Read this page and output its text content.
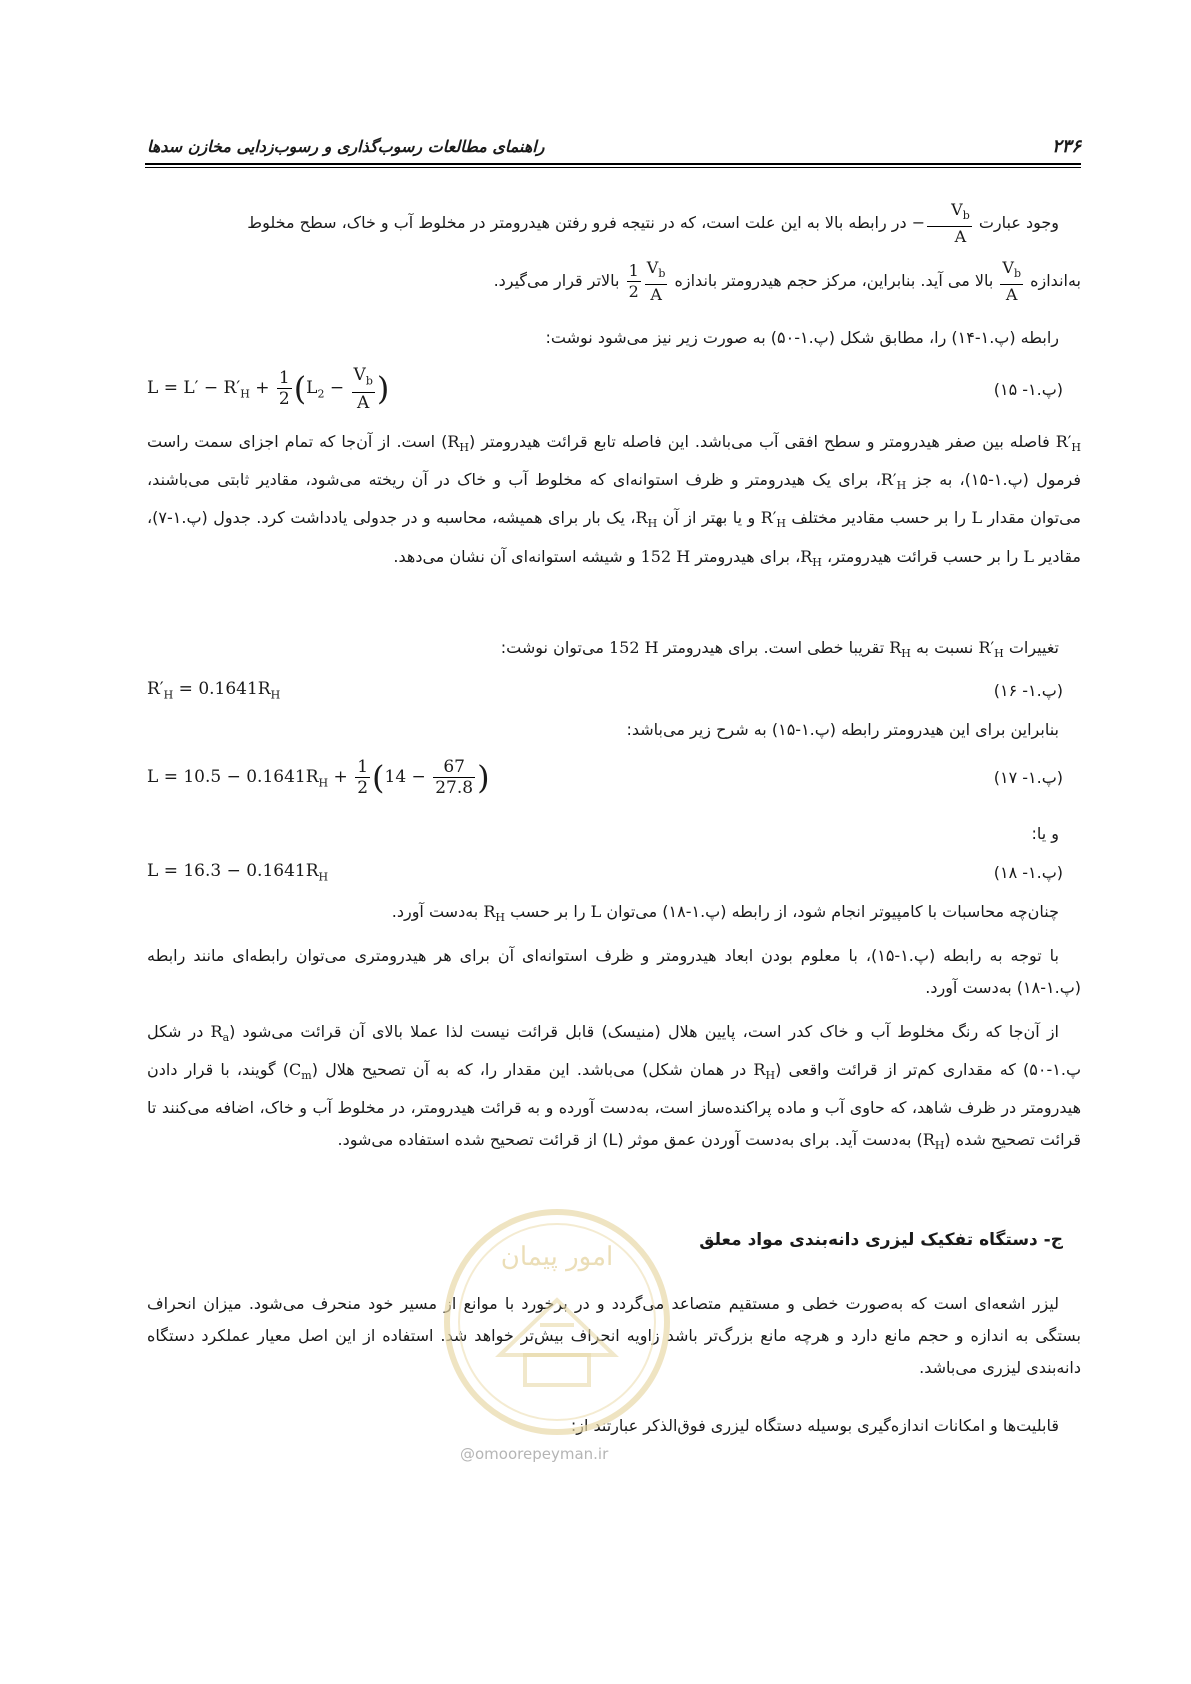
۲۳۶
راهنمای مطالعات رسوب‌گذاری و رسوب‌زدایی مخازن سدها

وجود عبارت − $\frac{V_b}{A}$
در رابطه بالا به این علت است، که در نتیجه فرو رفتن هیدرومتر در مخلوط آب و خاک، سطح مخلوط

به‌اندازه
$\frac{V_b}{A}$
بالا می آید. بنابراین، مرکز حجم هیدرومتر باندازه
$\frac{1}{2} \frac{V_b}{A}$
بالاتر قرار می‌گیرد.

رابطه (پ.۱-۱۴) را، مطابق شکل (پ.۱-۵۰) به صورت زیر نیز می‌شود نوشت:

$L = L' - R'_H + \frac{1}{2} (L_2 - \frac{V_b}{A}$ )	(پ.۱- ۱۵)

$R'_H$ فاصله بین صفر هیدرومتر و سطح افقی آب می‌باشد. این فاصله تابع قرائت هیدرومتر $(R_H)$ است. از آن‌جا که تمام اجزای سمت راست فرمول (پ.۱-۱۵)، به جز $R'_H،$ برای یک هیدرومتر و ظرف استوانه‌ای که مخلوط آب و خاک در آن ریخته می‌شود، مقادیر ثابتی می‌باشند، می‌توان مقدار L را بر حسب مقادیر مختلف $R'_H$ و یا بهتر از آن $R_H،$ یک بار برای همیشه، محاسبه و در جدولی یادداشت کرد. جدول (پ.۱-۷)، مقادیر L را بر حسب قرائت هیدرومتر، $R_H،$ برای هیدرومتر 152 H و شیشه استوانه‌ای آن نشان می‌دهد.

تغییرات $R'_H$ نسبت به $R_H$ تقریبا خطی است. برای هیدرومتر 152 H می‌توان نوشت:

$R'_H = 0.1641R_H$	(پ.۱- ۱۶)

بنابراین برای این هیدرومتر رابطه (پ.۱-۱۵) به شرح زیر می‌باشد:

$L = 10.5 - 0.1641R_H + \frac{1}{2} (14 - \frac{67}{27.8}$ )	(پ.۱- ۱۷)

و یا:

$L = 16.3 - 0.1641R_H$	(پ.۱- ۱۸)

چنان‌چه محاسبات با کامپیوتر انجام شود، از رابطه (پ.۱-۱۸) می‌توان L را بر حسب $R_H$ به‌دست آورد.

با توجه به رابطه (پ.۱-۱۵)، با معلوم بودن ابعاد هیدرومتر و ظرف استوانه‌ای آن برای هر هیدرومتری می‌توان رابطه‌ای مانند رابطه (پ.۱-۱۸) به‌دست آورد.

از آن‌جا که رنگ مخلوط آب و خاک کدر است، پایین هلال (منیسک) قابل قرائت نیست لذا عملا بالای آن قرائت می‌شود ($R_a$ در شکل پ.۱-۵۰) که مقداری کم‌تر از قرائت واقعی ($R_H$ در همان شکل) می‌باشد. این مقدار را، که به آن تصحیح هلال $(C_m)$ گویند، با قرار دادن هیدرومتر در ظرف شاهد، که حاوی آب و ماده پراکنده‌ساز است، به‌دست آورده و به قرائت هیدرومتر، در مخلوط آب و خاک، اضافه می‌کنند تا قرائت تصحیح شده $(R_H)$ به‌دست آید. برای به‌دست آوردن عمق موثر (L) از قرائت تصحیح شده استفاده می‌شود.

ج- دستگاه تفکیک لیزری دانه‌بندی مواد معلق

لیزر اشعه‌ای است که به‌صورت خطی و مستقیم متصاعد می‌گردد و در برخورد با موانع از مسیر خود منحرف می‌شود. میزان انحراف بستگی به اندازه و حجم مانع دارد و هرچه مانع بزرگ‌تر باشد زاویه انحراف بیش‌تر خواهد شد. استفاده از این اصل معیار عملکرد دستگاه دانه‌بندی لیزری می‌باشد.

قابلیت‌ها و امکانات اندازه‌گیری بوسیله دستگاه لیزری فوق‌الذکر عبارتند از:

امور پیمان
@omoorepeyman.ir
